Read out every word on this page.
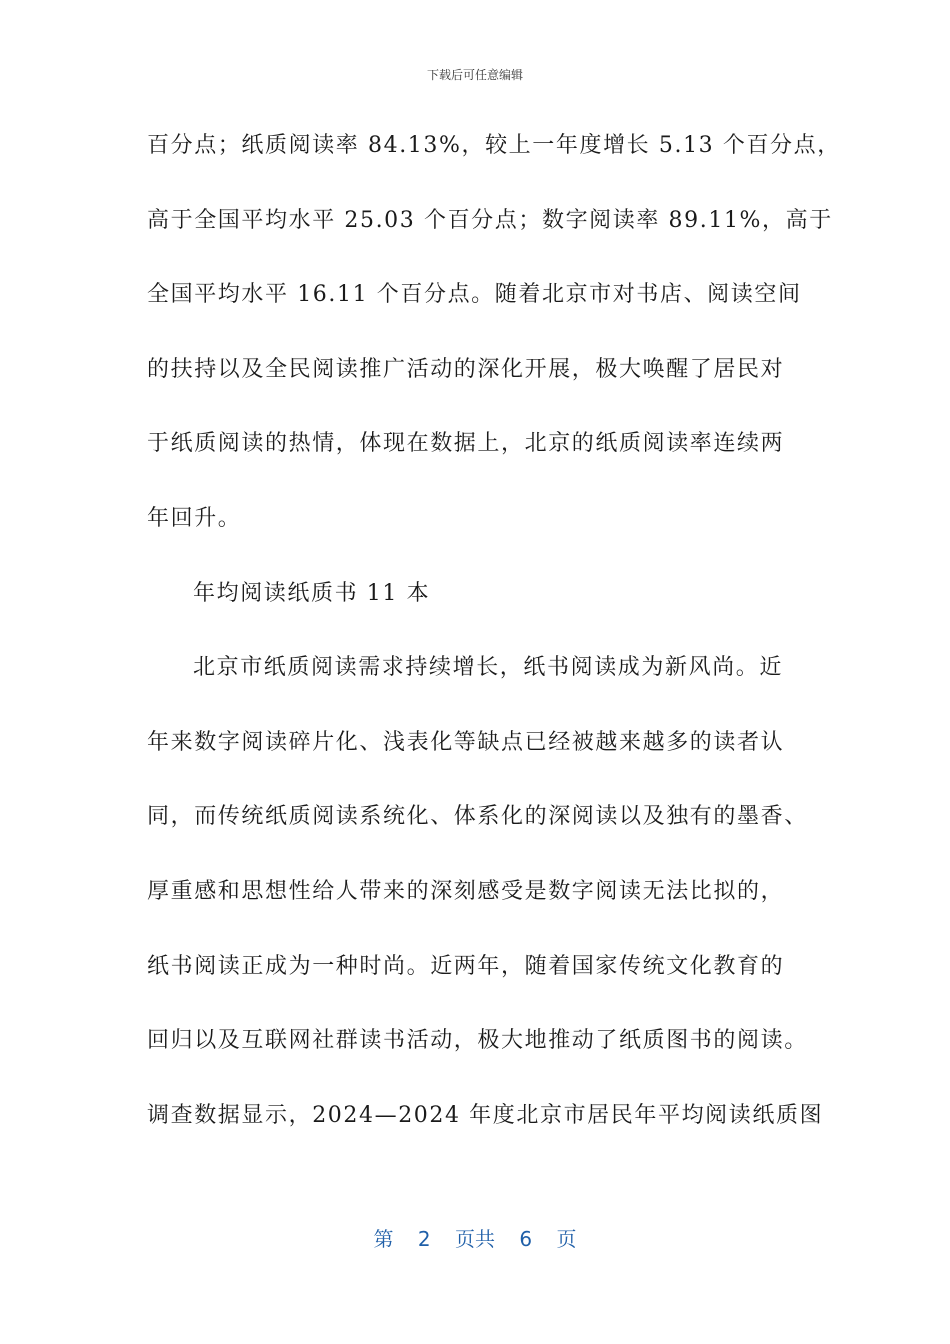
下载后可任意编辑
百分点；纸质阅读率 84.13%，较上一年度增长 5.13 个百分点，
高于全国平均水平 25.03 个百分点；数字阅读率 89.11%，高于
全国平均水平 16.11 个百分点。随着北京市对书店、阅读空间
的扶持以及全民阅读推广活动的深化开展，极大唤醒了居民对
于纸质阅读的热情，体现在数据上，北京的纸质阅读率连续两
年回升。
年均阅读纸质书 11 本
北京市纸质阅读需求持续增长，纸书阅读成为新风尚。近
年来数字阅读碎片化、浅表化等缺点已经被越来越多的读者认
同，而传统纸质阅读系统化、体系化的深阅读以及独有的墨香、
厚重感和思想性给人带来的深刻感受是数字阅读无法比拟的，
纸书阅读正成为一种时尚。近两年，随着国家传统文化教育的
回归以及互联网社群读书活动，极大地推动了纸质图书的阅读。
调查数据显示，2024—2024 年度北京市居民年平均阅读纸质图
第 2 页共 6 页
